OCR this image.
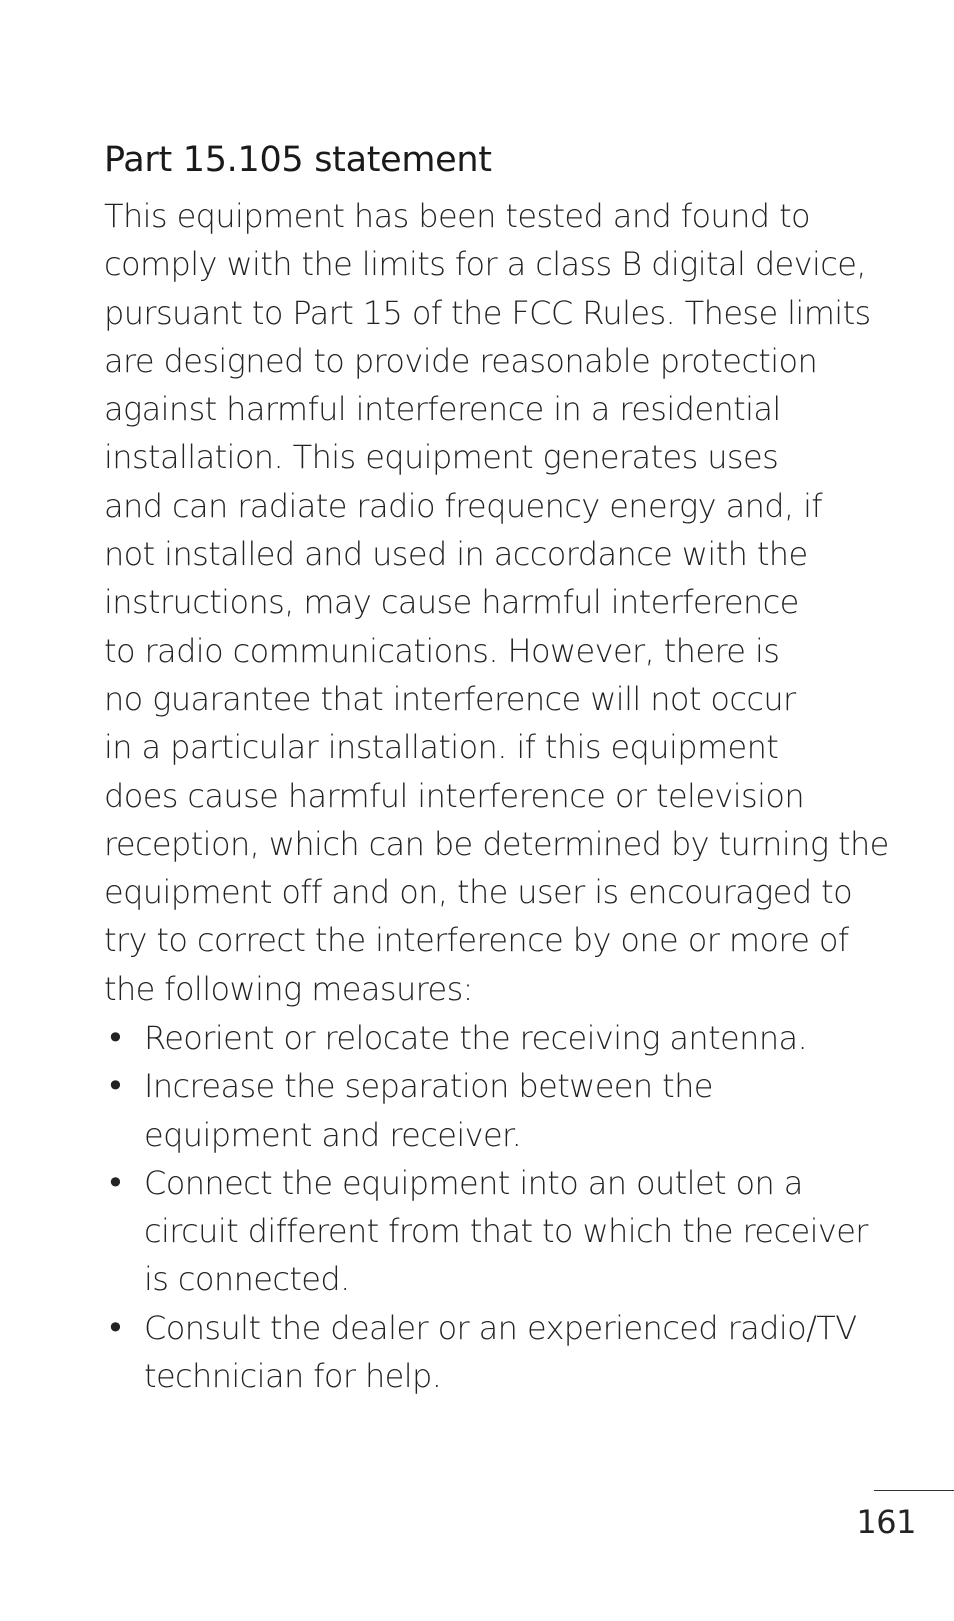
Part 15.105 statement
This equipment has been tested and found to
comply with the limits for a class B digital device,
pursuant to Part 15 of the FCC Rules. These limits
are designed to provide reasonable protection
against harmful interference in a residential
installation. This equipment generates uses
and can radiate radio frequency energy and, if
not installed and used in accordance with the
instructions, may cause harmful interference
to radio communications. However, there is
no guarantee that interference will not occur
in a particular installation. if this equipment
does cause harmful interference or television
reception, which can be determined by turning the
equipment off and on, the user is encouraged to
try to correct the interference by one or more of
the following measures:
• Reorient or relocate the receiving antenna.
• Increase the separation between the
equipment and receiver.
• Connect the equipment into an outlet on a
circuit different from that to which the receiver
is connected.
• Consult the dealer or an experienced radio/TV
technician for help.
161
